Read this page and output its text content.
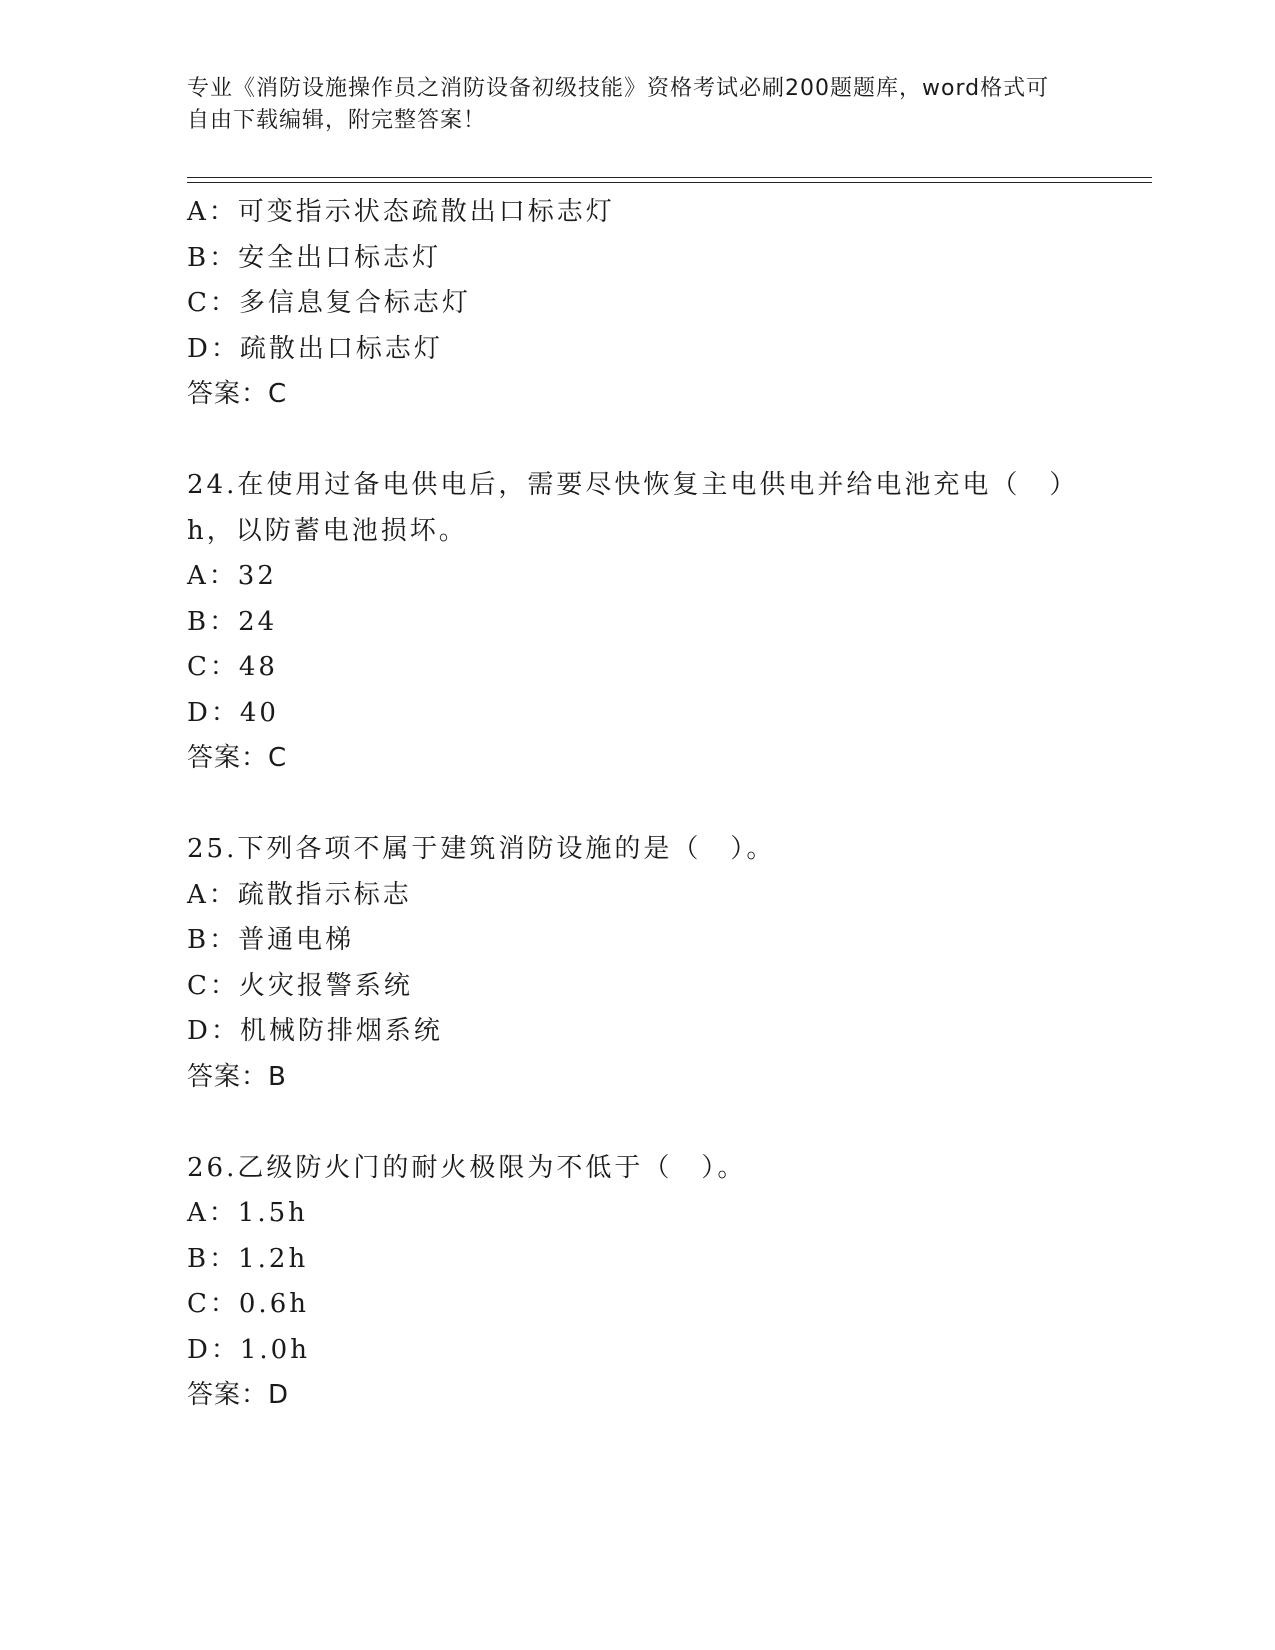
专业《消防设施操作员之消防设备初级技能》资格考试必刷200题题库，word格式可自由下载编辑，附完整答案！

A：可变指示状态疏散出口标志灯
B：安全出口标志灯
C：多信息复合标志灯
D：疏散出口标志灯
答案：C
24.在使用过备电供电后，需要尽快恢复主电供电并给电池充电（　）
h，以防蓄电池损坏。
A：32
B：24
C：48
D：40
答案：C
25.下列各项不属于建筑消防设施的是（　）。
A：疏散指示标志
B：普通电梯
C：火灾报警系统
D：机械防排烟系统
答案：B
26.乙级防火门的耐火极限为不低于（　）。
A：1.5h
B：1.2h
C：0.6h
D：1.0h
答案：D
